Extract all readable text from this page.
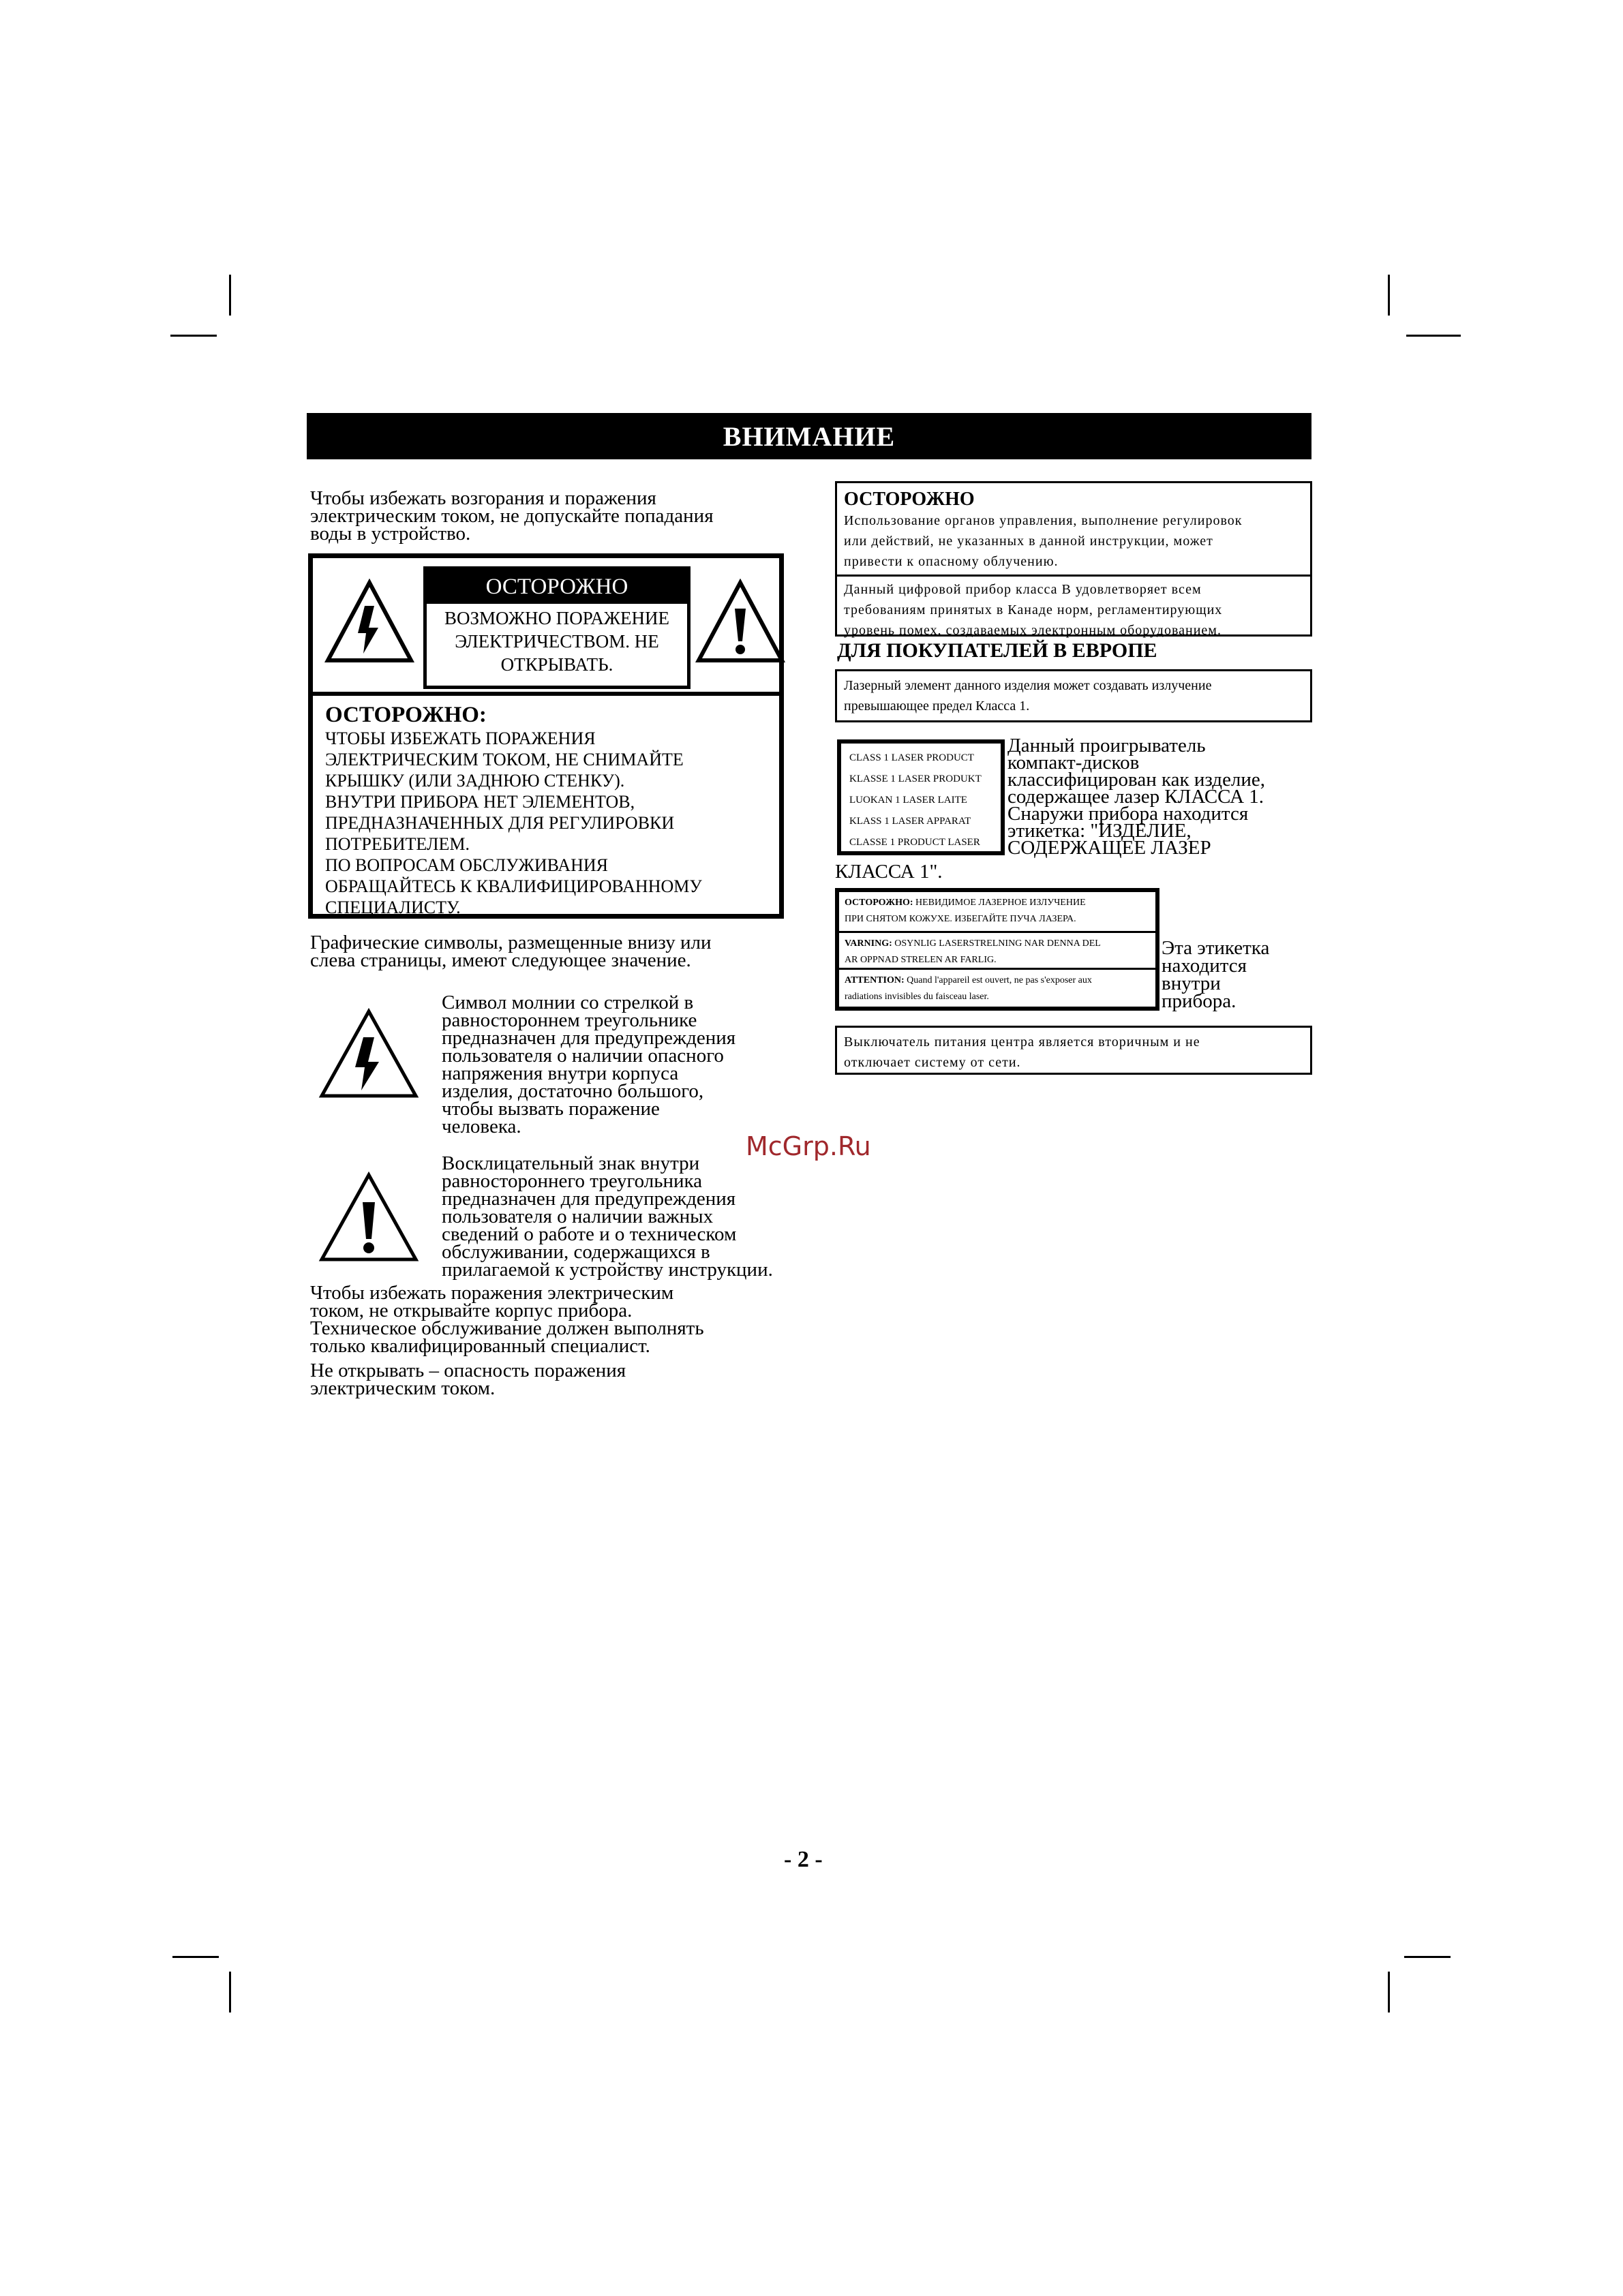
ВНИМАНИЕ
Чтобы избежать возгорания и поражения
электрическим током, не допускайте попадания
воды в устройство.
ОСТОРОЖНО
ВОЗМОЖНО ПОРАЖЕНИЕ
ЭЛЕКТРИЧЕСТВОМ. НЕ
ОТКРЫВАТЬ.
ОСТОРОЖНО:
ЧТОБЫ ИЗБЕЖАТЬ ПОРАЖЕНИЯ
ЭЛЕКТРИЧЕСКИМ ТОКОМ, НЕ СНИМАЙТЕ
КРЫШКУ (ИЛИ ЗАДНЮЮ СТЕНКУ).
ВНУТРИ ПРИБОРА НЕТ ЭЛЕМЕНТОВ,
ПРЕДНАЗНАЧЕННЫХ ДЛЯ РЕГУЛИРОВКИ
ПОТРЕБИТЕЛЕМ.
ПО ВОПРОСАМ ОБСЛУЖИВАНИЯ
ОБРАЩАЙТЕСЬ К КВАЛИФИЦИРОВАННОМУ
СПЕЦИАЛИСТУ.
Графические символы, размещенные внизу или
слева страницы, имеют следующее значение.
Символ молнии со стрелкой в
равностороннем треугольнике
предназначен для предупреждения
пользователя о наличии опасного
напряжения внутри корпуса
изделия, достаточно большого,
чтобы вызвать поражение
человека.
Восклицательный знак внутри
равностороннего треугольника
предназначен для предупреждения
пользователя о наличии важных
сведений о работе и о техническом
обслуживании, содержащихся в
прилагаемой к устройству инструкции.
Чтобы избежать поражения электрическим
током, не открывайте корпус прибора.
Техническое обслуживание должен выполнять
только квалифицированный специалист.
Не открывать – опасность поражения
электрическим током.
ОСТОРОЖНО
Использование органов управления, выполнение регулировок
или действий, не указанных в данной инструкции, может
привести к опасному облучению.
Данный цифровой прибор класса В удовлетворяет всем
требованиям принятых в Канаде норм, регламентирующих
уровень помех, создаваемых электронным оборудованием.
ДЛЯ ПОКУПАТЕЛЕЙ В ЕВРОПЕ
Лазерный элемент данного изделия может создавать излучение
превышающее предел Класса 1.
CLASS 1 LASER PRODUCT
KLASSE 1 LASER PRODUKT
LUOKAN 1 LASER LAITE
KLASS 1 LASER APPARAT
CLASSE 1 PRODUCT LASER
Данный проигрыватель
компакт-дисков
классифицирован как изделие,
содержащее лазер КЛАССА 1.
Снаружи прибора находится
этикетка: "ИЗДЕЛИЕ,
СОДЕРЖАЩЕЕ ЛАЗЕР
КЛАССА 1".
ОСТОРОЖНО: НЕВИДИМОЕ ЛАЗЕРНОЕ ИЗЛУЧЕНИЕ
ПРИ СНЯТОМ КОЖУХЕ. ИЗБЕГАЙТЕ ПУЧА ЛАЗЕРА.
VARNING: OSYNLIG LASERSTRELNING NAR DENNA DEL
AR OPPNAD STRELEN AR FARLIG.
ATTENTION: Quand l'appareil est ouvert, ne pas s'exposer aux
radiations invisibles du faisceau laser.
Эта этикетка
находится
внутри
прибора.
Выключатель питания центра является вторичным и не
отключает систему от сети.
McGrp.Ru
- 2 -
